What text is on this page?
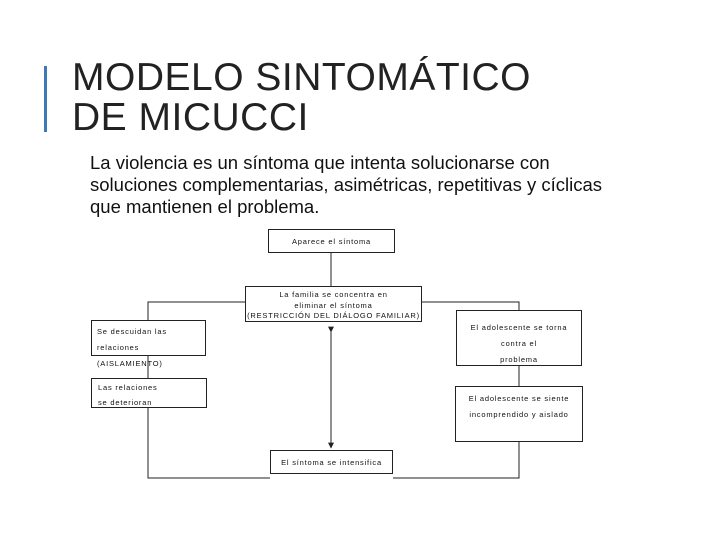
MODELO SINTOMÁTICO
DE MICUCCI
La violencia es un síntoma que intenta solucionarse con
soluciones complementarias, asimétricas, repetitivas y cíclicas
que mantienen el problema.
Aparece el síntoma
La familia se concentra en
eliminar el síntoma
(RESTRICCIÓN DEL DIÁLOGO FAMILIAR)
Se descuidan las relaciones
(AISLAMIENTO)
El adolescente se torna contra el
problema
Las relaciones
se deterioran	El adolescente se siente
incomprendido y aislado
El síntoma se intensifica
